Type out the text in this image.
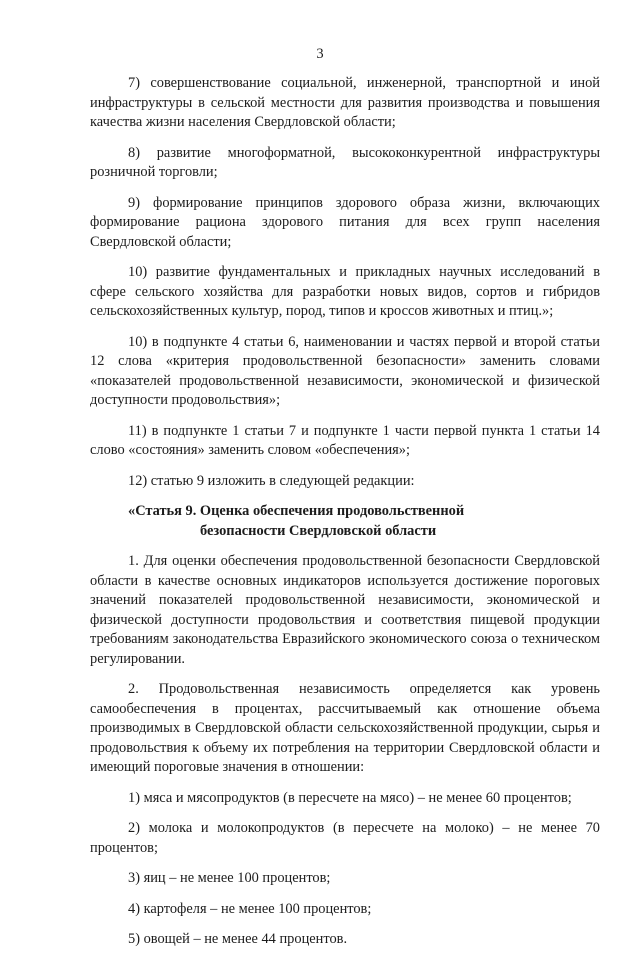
3

7) совершенствование социальной, инженерной, транспортной и иной инфраструктуры в сельской местности для развития производства и повышения качества жизни населения Свердловской области;

8) развитие многоформатной, высококонкурентной инфраструктуры розничной торговли;

9) формирование принципов здорового образа жизни, включающих формирование рациона здорового питания для всех групп населения Свердловской области;

10) развитие фундаментальных и прикладных научных исследований в сфере сельского хозяйства для разработки новых видов, сортов и гибридов сельскохозяйственных культур, пород, типов и кроссов животных и птиц.»;

10) в подпункте 4 статьи 6, наименовании и частях первой и второй статьи 12 слова «критерия продовольственной безопасности» заменить словами «показателей продовольственной независимости, экономической и физической доступности продовольствия»;

11) в подпункте 1 статьи 7 и подпункте 1 части первой пункта 1 статьи 14 слово «состояния» заменить словом «обеспечения»;

12) статью 9 изложить в следующей редакции:

«Статья 9. Оценка обеспечения продовольственной
безопасности Свердловской области

1. Для оценки обеспечения продовольственной безопасности Свердловской области в качестве основных индикаторов используется достижение пороговых значений показателей продовольственной независимости, экономической и физической доступности продовольствия и соответствия пищевой продукции требованиям законодательства Евразийского экономического союза о техническом регулировании.

2. Продовольственная независимость определяется как уровень самообеспечения в процентах, рассчитываемый как отношение объема производимых в Свердловской области сельскохозяйственной продукции, сырья и продовольствия к объему их потребления на территории Свердловской области и имеющий пороговые значения в отношении:

1) мяса и мясопродуктов (в пересчете на мясо) – не менее 60 процентов;

2) молока и молокопродуктов (в пересчете на молоко) – не менее 70 процентов;

3) яиц – не менее 100 процентов;

4) картофеля – не менее 100 процентов;

5) овощей – не менее 44 процентов.
